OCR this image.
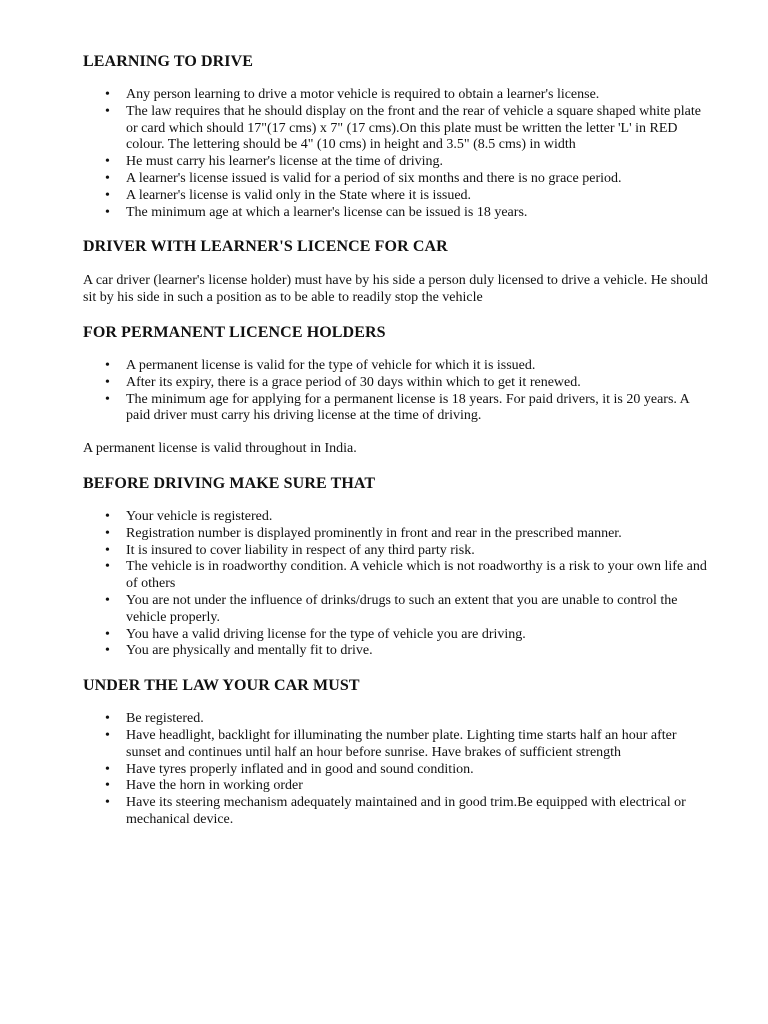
LEARNING TO DRIVE
• Any person learning to drive a motor vehicle is required to obtain a learner's license.
• The law requires that he should display on the front and the rear of vehicle a square shaped white plate or card which should 17"(17 cms) x 7" (17 cms).On this plate must be written the letter 'L' in RED colour. The lettering should be 4" (10 cms) in height and 3.5" (8.5 cms) in width
• He must carry his learner's license at the time of driving.
• A learner's license issued is valid for a period of six months and there is no grace period.
• A learner's license is valid only in the State where it is issued.
• The minimum age at which a learner's license can be issued is 18 years.
DRIVER WITH LEARNER'S LICENCE FOR CAR

A car driver (learner's license holder) must have by his side a person duly licensed to drive a vehicle. He should sit by his side in such a position as to be able to readily stop the vehicle

FOR PERMANENT LICENCE HOLDERS
• A permanent license is valid for the type of vehicle for which it is issued.
• After its expiry, there is a grace period of 30 days within which to get it renewed.
• The minimum age for applying for a permanent license is 18 years. For paid drivers, it is 20 years. A paid driver must carry his driving license at the time of driving.

A permanent license is valid throughout in India.

BEFORE DRIVING MAKE SURE THAT
• Your vehicle is registered.
• Registration number is displayed prominently in front and rear in the prescribed manner.
• It is insured to cover liability in respect of any third party risk.
• The vehicle is in roadworthy condition. A vehicle which is not roadworthy is a risk to your own life and of others
• You are not under the influence of drinks/drugs to such an extent that you are unable to control the vehicle properly.
• You have a valid driving license for the type of vehicle you are driving.
• You are physically and mentally fit to drive.
UNDER THE LAW YOUR CAR MUST
• Be registered.
• Have headlight, backlight for illuminating the number plate. Lighting time starts half an hour after sunset and continues until half an hour before sunrise. Have brakes of sufficient strength
• Have tyres properly inflated and in good and sound condition.
• Have the horn in working order
• Have its steering mechanism adequately maintained and in good trim.Be equipped with electrical or mechanical device.
